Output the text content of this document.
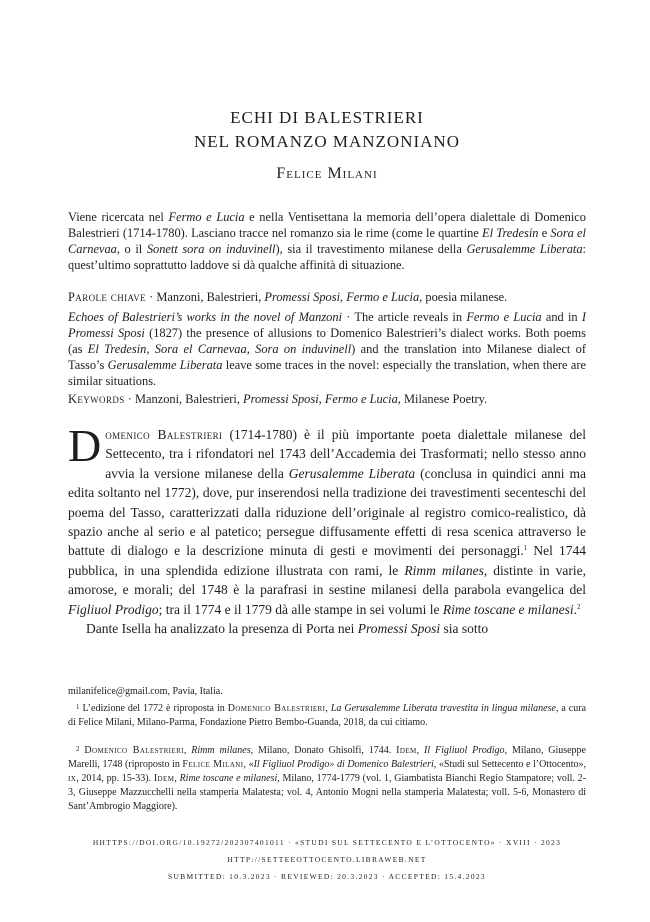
ECHI DI BALESTRIERI
NEL ROMANZO MANZONIANO
Felice Milani
Viene ricercata nel Fermo e Lucia e nella Ventisettana la memoria dell’opera dialettale di Domenico Balestrieri (1714-1780). Lasciano tracce nel romanzo sia le rime (come le quartine El Tredesin e Sora el Carnevaa, o il Sonett sora on induvinell), sia il travestimento milanese della Gerusalemme Liberata: quest’ultimo soprattutto laddove si dà qualche affinità di situazione.
Parole chiave · Manzoni, Balestrieri, Promessi Sposi, Fermo e Lucia, poesia milanese.
Echoes of Balestrieri’s works in the novel of Manzoni · The article reveals in Fermo e Lucia and in I Promessi Sposi (1827) the presence of allusions to Domenico Balestrieri’s dialect works. Both poems (as El Tredesin, Sora el Carnevaa, Sora on induvinell) and the translation into Milanese dialect of Tasso’s Gerusalemme Liberata leave some traces in the novel: especially the translation, when there are similar situations.
Keywords · Manzoni, Balestrieri, Promessi Sposi, Fermo e Lucia, Milanese Poetry.

Domenico Balestrieri (1714-1780) è il più importante poeta dialettale milanese del Settecento, tra i rifondatori nel 1743 dell’Accademia dei Trasformati; nello stesso anno avvia la versione milanese della Gerusalemme Liberata (conclusa in quindici anni ma edita soltanto nel 1772), dove, pur inserendosi nella tradizione dei travestimenti secenteschi del poema del Tasso, caratterizzati dalla riduzione dell’originale al registro comico-realistico, dà spazio anche al serio e al patetico; persegue diffusamente effetti di resa scenica attraverso le battute di dialogo e la descrizione minuta di gesti e movimenti dei personaggi.$^1$ Nel 1744 pubblica, in una splendida edizione illustrata con rami, le Rimm milanes, distinte in varie, amorose, e morali; del 1748 è la parafrasi in sestine milanesi della parabola evangelica del Figliuol Prodigo; tra il 1774 e il 1779 dà alle stampe in sei volumi le Rime toscane e milanesi.$^2$

Dante Isella ha analizzato la presenza di Porta nei Promessi Sposi sia sotto

milanifelice@gmail.com, Pavia, Italia.
$^1$ L’edizione del 1772 è riproposta in Domenico Balestrieri, La Gerusalemme Liberata travestita in lingua milanese, a cura di Felice Milani, Milano-Parma, Fondazione Pietro Bembo-Guanda, 2018, da cui citiamo.
$^2$ Domenico Balestrieri, Rimm milanes, Milano, Donato Ghisolfi, 1744. Idem, Il Figliuol Prodigo, Milano, Giuseppe Marelli, 1748 (riproposto in Felice Milani, «Il Figliuol Prodigo» di Domenico Balestrieri, «Studi sul Settecento e l’Ottocento», ix, 2014, pp. 15-33). Idem, Rime toscane e milanesi, Milano, 1774-1779 (vol. 1, Giambatista Bianchi Regio Stampatore; voll. 2-3, Giuseppe Mazzucchelli nella stamperia Malatesta; vol. 4, Antonio Mogni nella stamperia Malatesta; voll. 5-6, Monastero di Sant’Ambrogio Maggiore).
HHTTPS://DOI.ORG/10.19272/202307401011 · «STUDI SUL SETTECENTO E L’OTTOCENTO» · XVIII · 2023
HTTP://SETTEEOTTOCENTO.LIBRAWEB.NET
SUBMITTED: 10.3.2023 · REVIEWED: 20.3.2023 · ACCEPTED: 15.4.2023
